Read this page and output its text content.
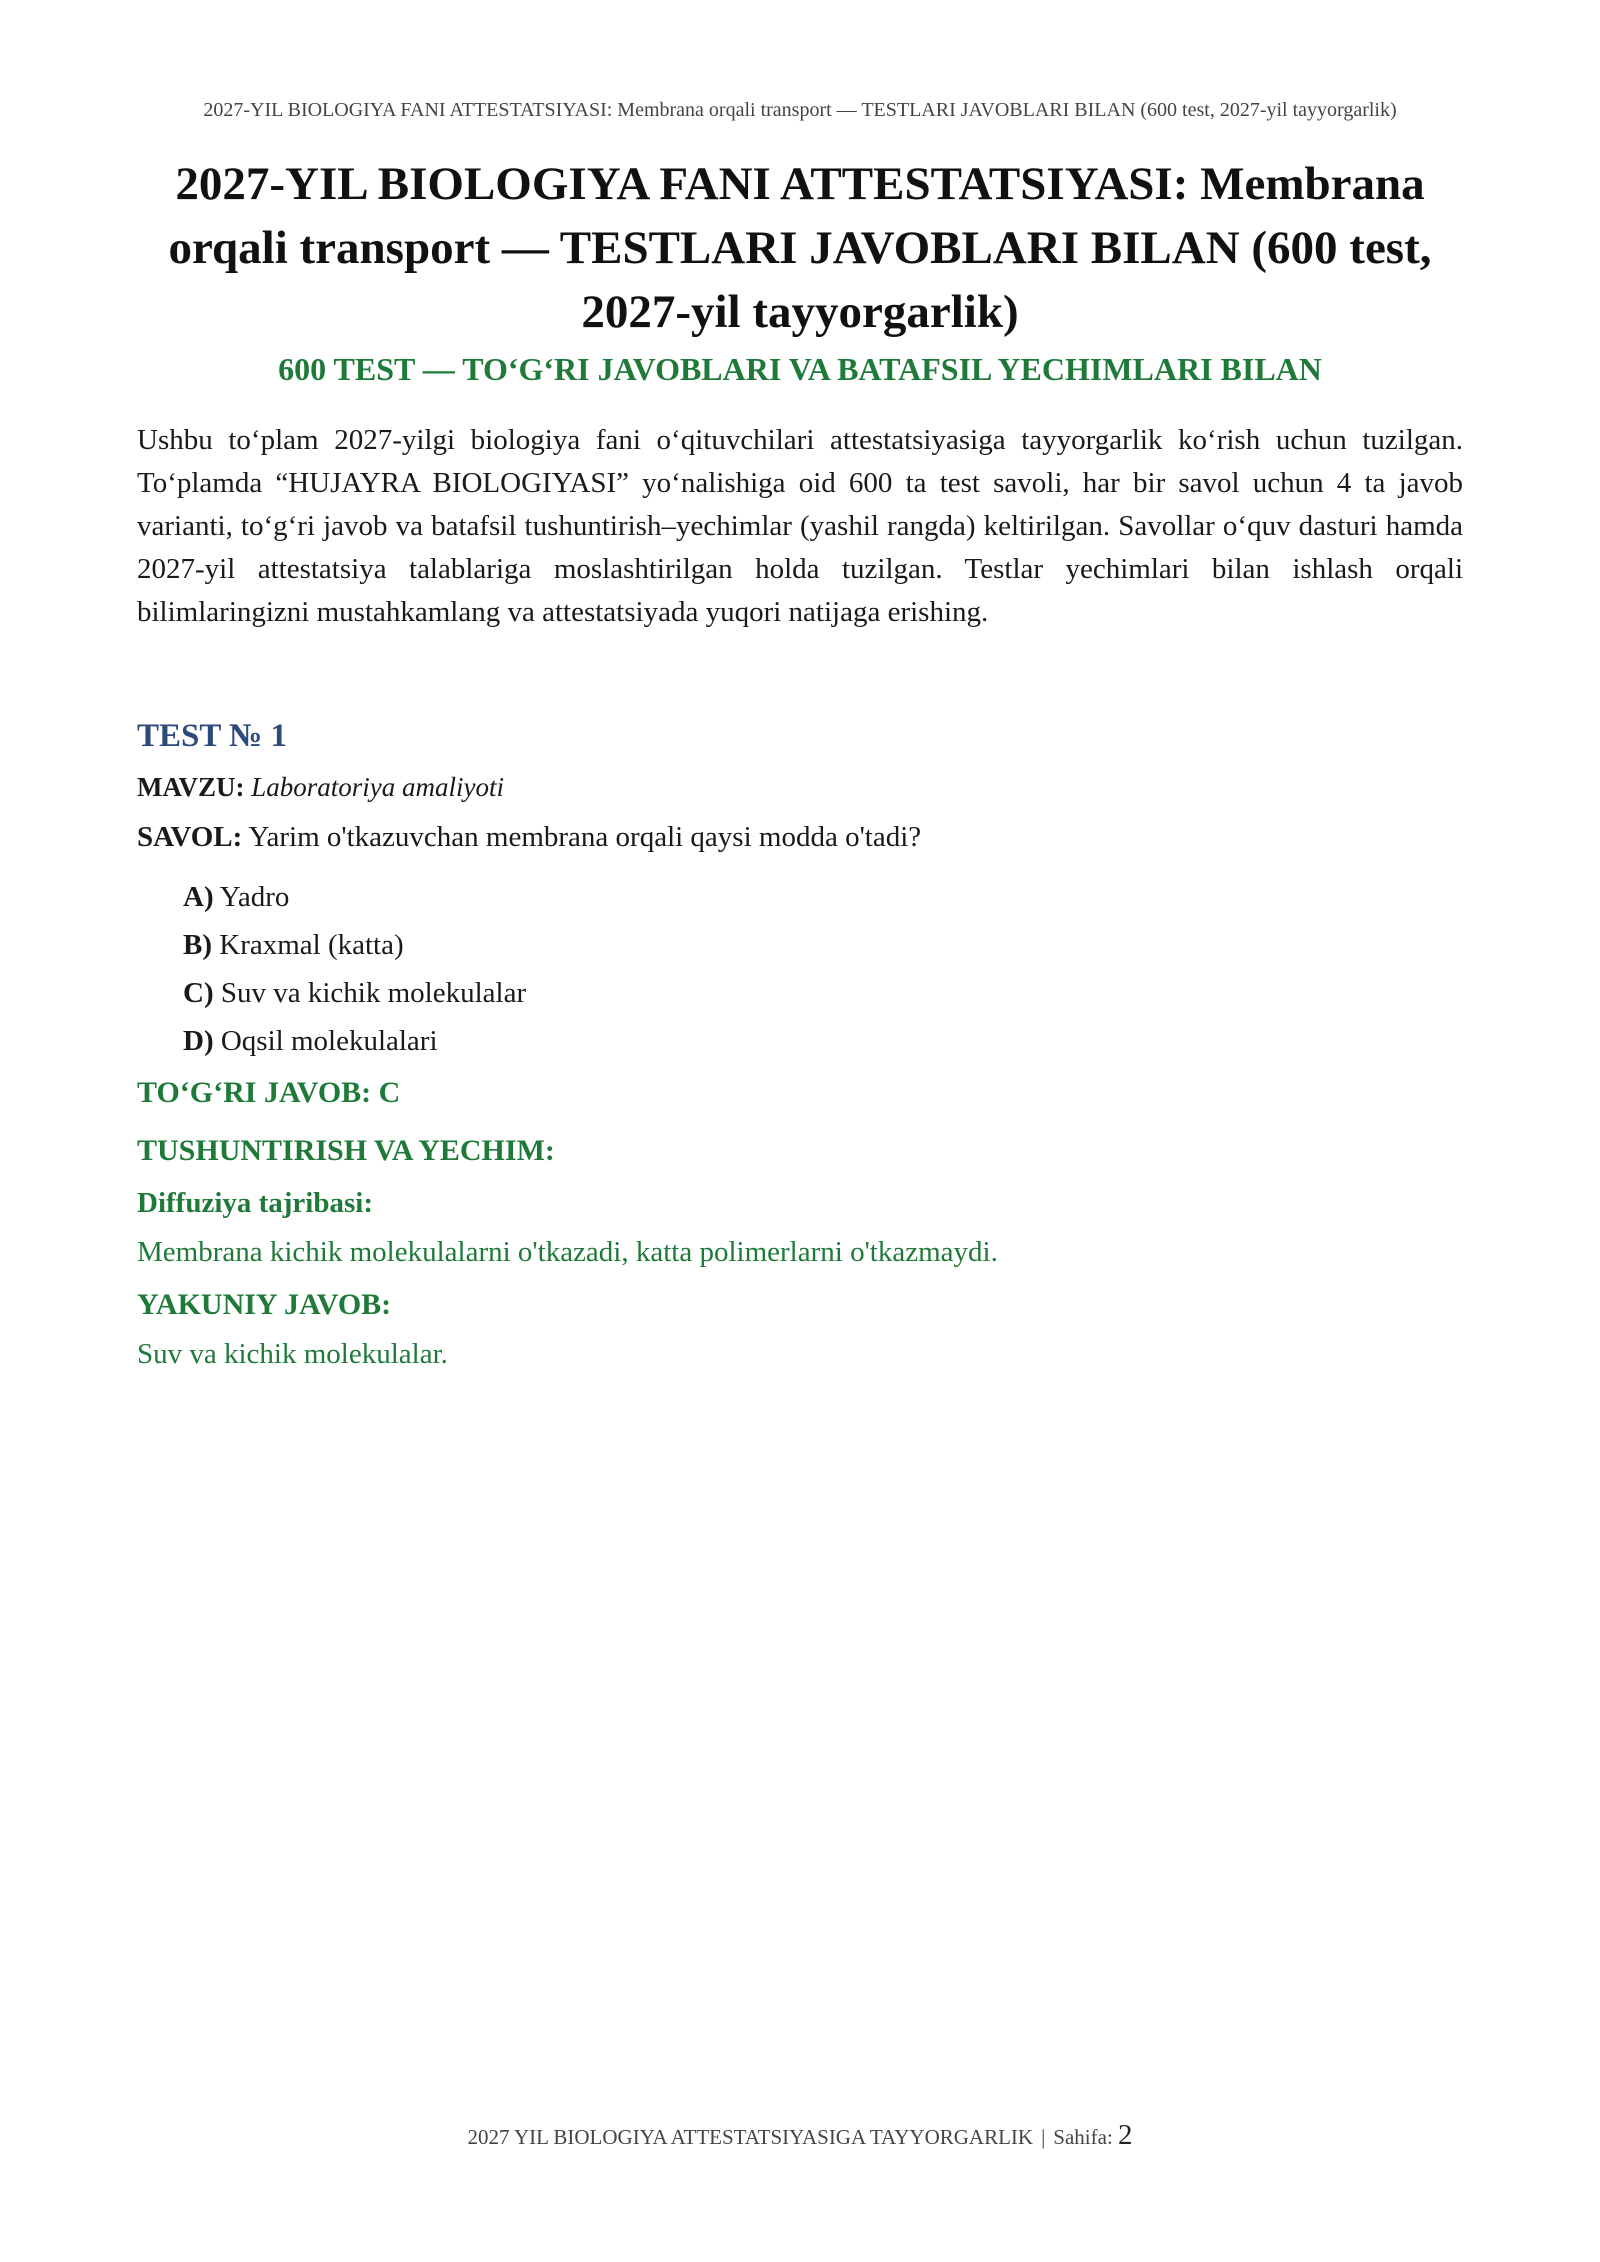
2027-YIL BIOLOGIYA FANI ATTESTATSIYASI: Membrana orqali transport — TESTLARI JAVOBLARI BILAN (600 test, 2027-yil tayyorgarlik)
2027-YIL BIOLOGIYA FANI ATTESTATSIYASI: Membrana orqali transport — TESTLARI JAVOBLARI BILAN (600 test, 2027-yil tayyorgarlik)
600 TEST — TO‘G‘RI JAVOBLARI VA BATAFSIL YECHIMLARI BILAN

Ushbu to‘plam 2027-yilgi biologiya fani o‘qituvchilari attestatsiyasiga tayyorgarlik ko‘rish uchun tuzilgan. To‘plamda “HUJAYRA BIOLOGIYASI” yo‘nalishiga oid 600 ta test savoli, har bir savol uchun 4 ta javob varianti, to‘g‘ri javob va batafsil tushuntirish–yechimlar (yashil rangda) keltirilgan. Savollar o‘quv dasturi hamda 2027-yil attestatsiya talablariga moslashtirilgan holda tuzilgan. Testlar yechimlari bilan ishlash orqali bilimlaringizni mustahkamlang va attestatsiyada yuqori natijaga erishing.

TEST № 1

MAVZU: Laboratoriya amaliyoti

SAVOL: Yarim o'tkazuvchan membrana orqali qaysi modda o'tadi?

A) Yadro
B) Kraxmal (katta)
C) Suv va kichik molekulalar
D) Oqsil molekulalari

TO‘G‘RI JAVOB: C

TUSHUNTIRISH VA YECHIM:

Diffuziya tajribasi:

Membrana kichik molekulalarni o'tkazadi, katta polimerlarni o'tkazmaydi.

YAKUNIY JAVOB:

Suv va kichik molekulalar.

2027 YIL BIOLOGIYA ATTESTATSIYASIGA TAYYORGARLIK | Sahifa: 2
